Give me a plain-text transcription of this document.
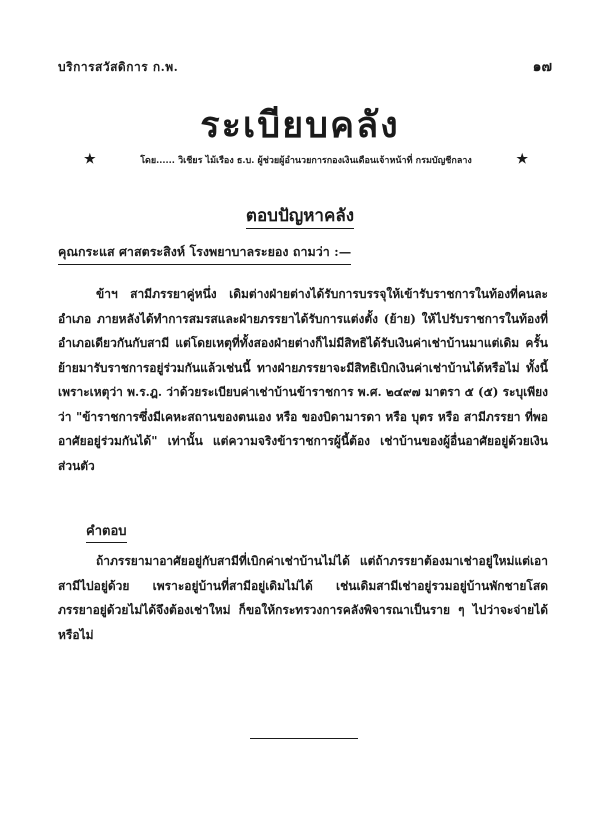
บริการสวัสดิการ ก.พ.	๑๗
ระเบียบคลัง
★	โดย...... วิเชียร ไม้เรือง ธ.บ. ผู้ช่วยผู้อำนวยการกองเงินเดือนเจ้าหน้าที่ กรมบัญชีกลาง	★
ตอบปัญหาคลัง
คุณกระแส ศาสตระสิงห์ โรงพยาบาลระยอง ถามว่า :—

ข้าฯ สามีภรรยาคู่หนึ่ง เดิมต่างฝ่ายต่างได้รับการบรรจุให้เข้ารับราชการในท้องที่คนละอำเภอ ภายหลังได้ทำการสมรสและฝ่ายภรรยาได้รับการแต่งตั้ง (ย้าย) ให้ไปรับราชการในท้องที่อำเภอเดียวกันกับสามี แต่โดยเหตุที่ทั้งสองฝ่ายต่างก็ไม่มีสิทธิได้รับเงินค่าเช่าบ้านมาแต่เดิม ครั้นย้ายมารับราชการอยู่ร่วมกันแล้วเช่นนี้ ทางฝ่ายภรรยาจะมีสิทธิเบิกเงินค่าเช่าบ้านได้หรือไม่ ทั้งนี้ เพราะเหตุว่า พ.ร.ฎ. ว่าด้วยระเบียบค่าเช่าบ้านข้าราชการ พ.ศ. ๒๔๙๗ มาตรา ๕ (๕) ระบุเพียงว่า "ข้าราชการซึ่งมีเคหะสถานของตนเอง หรือ ของบิดามารดา หรือ บุตร หรือ สามีภรรยา ที่พออาศัยอยู่ร่วมกันได้" เท่านั้น แต่ความจริงข้าราชการผู้นี้ต้อง เช่าบ้านของผู้อื่นอาศัยอยู่ด้วยเงินส่วนตัว

คำตอบ

ถ้าภรรยามาอาศัยอยู่กับสามีที่เบิกค่าเช่าบ้านไม่ได้ แต่ถ้าภรรยาต้องมาเช่าอยู่ใหม่แต่เอาสามีไปอยู่ด้วย เพราะอยู่บ้านที่สามีอยู่เดิมไม่ได้ เช่นเดิมสามีเช่าอยู่รวมอยู่บ้านพักชายโสด ภรรยาอยู่ด้วยไม่ได้จึงต้องเช่าใหม่ ก็ขอให้กระทรวงการคลังพิจารณาเป็นราย ๆ ไปว่าจะจ่ายได้หรือไม่
